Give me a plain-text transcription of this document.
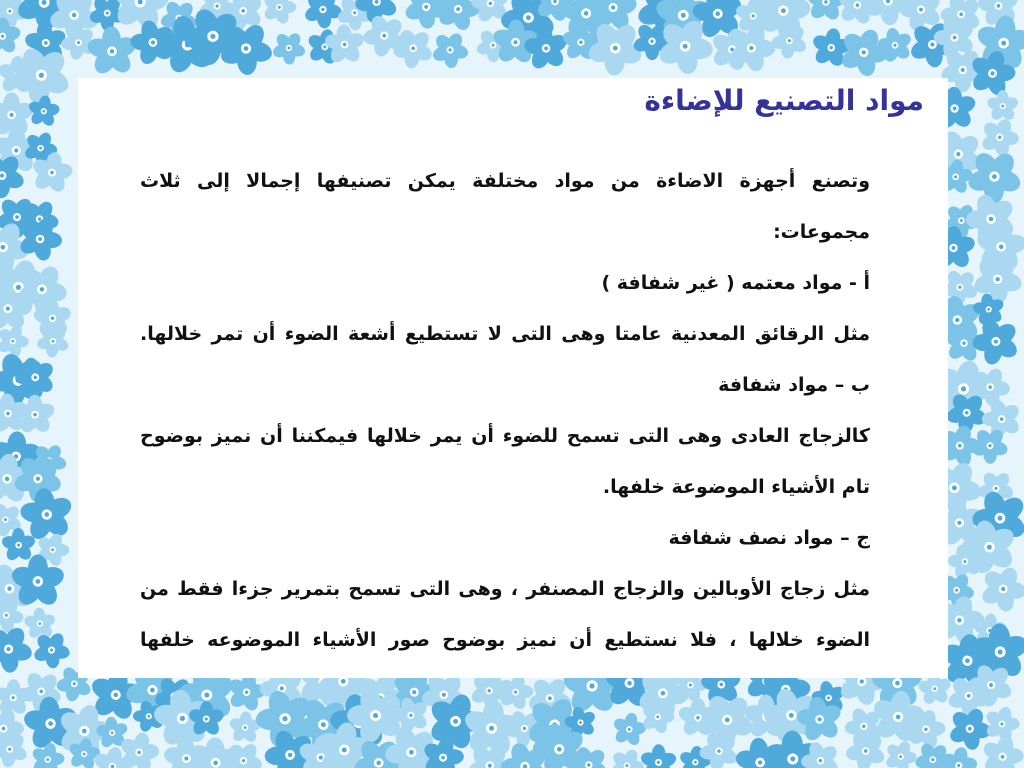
مواد التصنيع للإضاءة
وتصنع أجهزة الاضاءة من مواد مختلفة يمكن تصنيفها إجمالا إلى ثلاث
مجموعات:
أ - مواد معتمه ( غير شفافة )
مثل الرقائق المعدنية عامتا وهى التى لا تستطيع أشعة الضوء أن تمر خلالها.
ب – مواد شفافة
كالزجاج العادى وهى التى تسمح للضوء أن يمر خلالها فيمكننا أن نميز بوضوح
تام الأشياء الموضوعة خلفها.
ج – مواد نصف شفافة
مثل زجاج الأوبالين والزجاج المصنفر ، وهى التى تسمح بتمرير جزءا فقط من
الضوء خلالها ، فلا نستطيع أن نميز بوضوح صور الأشياء الموضوعه خلفها
